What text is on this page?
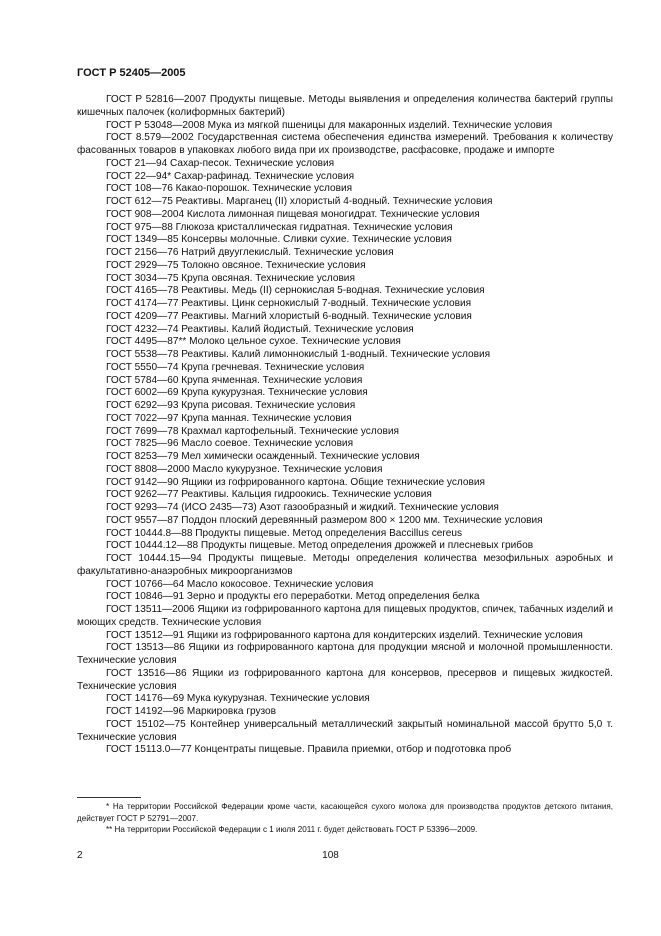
ГОСТ Р 52405—2005

ГОСТ Р 52816—2007 Продукты пищевые. Методы выявления и определения количества бактерий группы кишечных палочек (колиформных бактерий)

ГОСТ Р 53048—2008 Мука из мягкой пшеницы для макаронных изделий. Технические условия

ГОСТ 8.579—2002 Государственная система обеспечения единства измерений. Требования к количеству фасованных товаров в упаковках любого вида при их производстве, расфасовке, продаже и импорте

ГОСТ 21—94 Сахар-песок. Технические условия

ГОСТ 22—94* Сахар-рафинад. Технические условия

ГОСТ 108—76 Какао-порошок. Технические условия

ГОСТ 612—75 Реактивы. Марганец (II) хлористый 4-водный. Технические условия

ГОСТ 908—2004 Кислота лимонная пищевая моногидрат. Технические условия

ГОСТ 975—88 Глюкоза кристаллическая гидратная. Технические условия

ГОСТ 1349—85 Консервы молочные. Сливки сухие. Технические условия

ГОСТ 2156—76 Натрий двууглекислый. Технические условия

ГОСТ 2929—75 Толокно овсяное. Технические условия

ГОСТ 3034—75 Крупа овсяная. Технические условия

ГОСТ 4165—78 Реактивы. Медь (II) сернокислая 5-водная. Технические условия

ГОСТ 4174—77 Реактивы. Цинк сернокислый 7-водный. Технические условия

ГОСТ 4209—77 Реактивы. Магний хлористый 6-водный. Технические условия

ГОСТ 4232—74 Реактивы. Калий йодистый. Технические условия

ГОСТ 4495—87** Молоко цельное сухое. Технические условия

ГОСТ 5538—78 Реактивы. Калий лимоннокислый 1-водный. Технические условия

ГОСТ 5550—74 Крупа гречневая. Технические условия

ГОСТ 5784—60 Крупа ячменная. Технические условия

ГОСТ 6002—69 Крупа кукурузная. Технические условия

ГОСТ 6292—93 Крупа рисовая. Технические условия

ГОСТ 7022—97 Крупа манная. Технические условия

ГОСТ 7699—78 Крахмал картофельный. Технические условия

ГОСТ 7825—96 Масло соевое. Технические условия

ГОСТ 8253—79 Мел химически осажденный. Технические условия

ГОСТ 8808—2000 Масло кукурузное. Технические условия

ГОСТ 9142—90 Ящики из гофрированного картона. Общие технические условия

ГОСТ 9262—77 Реактивы. Кальция гидроокись. Технические условия

ГОСТ 9293—74 (ИСО 2435—73) Азот газообразный и жидкий. Технические условия

ГОСТ 9557—87 Поддон плоский деревянный размером 800 × 1200 мм. Технические условия

ГОСТ 10444.8—88 Продукты пищевые. Метод определения Baccillus cereus

ГОСТ 10444.12—88 Продукты пищевые. Метод определения дрожжей и плесневых грибов

ГОСТ 10444.15—94 Продукты пищевые. Методы определения количества мезофильных аэробных и факультативно-анаэробных микроорганизмов

ГОСТ 10766—64 Масло кокосовое. Технические условия

ГОСТ 10846—91 Зерно и продукты его переработки. Метод определения белка

ГОСТ 13511—2006 Ящики из гофрированного картона для пищевых продуктов, спичек, табачных изделий и моющих средств. Технические условия

ГОСТ 13512—91 Ящики из гофрированного картона для кондитерских изделий. Технические условия

ГОСТ 13513—86 Ящики из гофрированного картона для продукции мясной и молочной промышленности. Технические условия

ГОСТ 13516—86 Ящики из гофрированного картона для консервов, пресервов и пищевых жидкостей. Технические условия

ГОСТ 14176—69 Мука кукурузная. Технические условия

ГОСТ 14192—96 Маркировка грузов

ГОСТ 15102—75 Контейнер универсальный металлический закрытый номинальной массой брутто 5,0 т. Технические условия

ГОСТ 15113.0—77 Концентраты пищевые. Правила приемки, отбор и подготовка проб

* На территории Российской Федерации кроме части, касающейся сухого молока для производства продуктов детского питания, действует ГОСТ Р 52791—2007.

** На территории Российской Федерации с 1 июля 2011 г. будет действовать ГОСТ Р 53396—2009.

2	108
